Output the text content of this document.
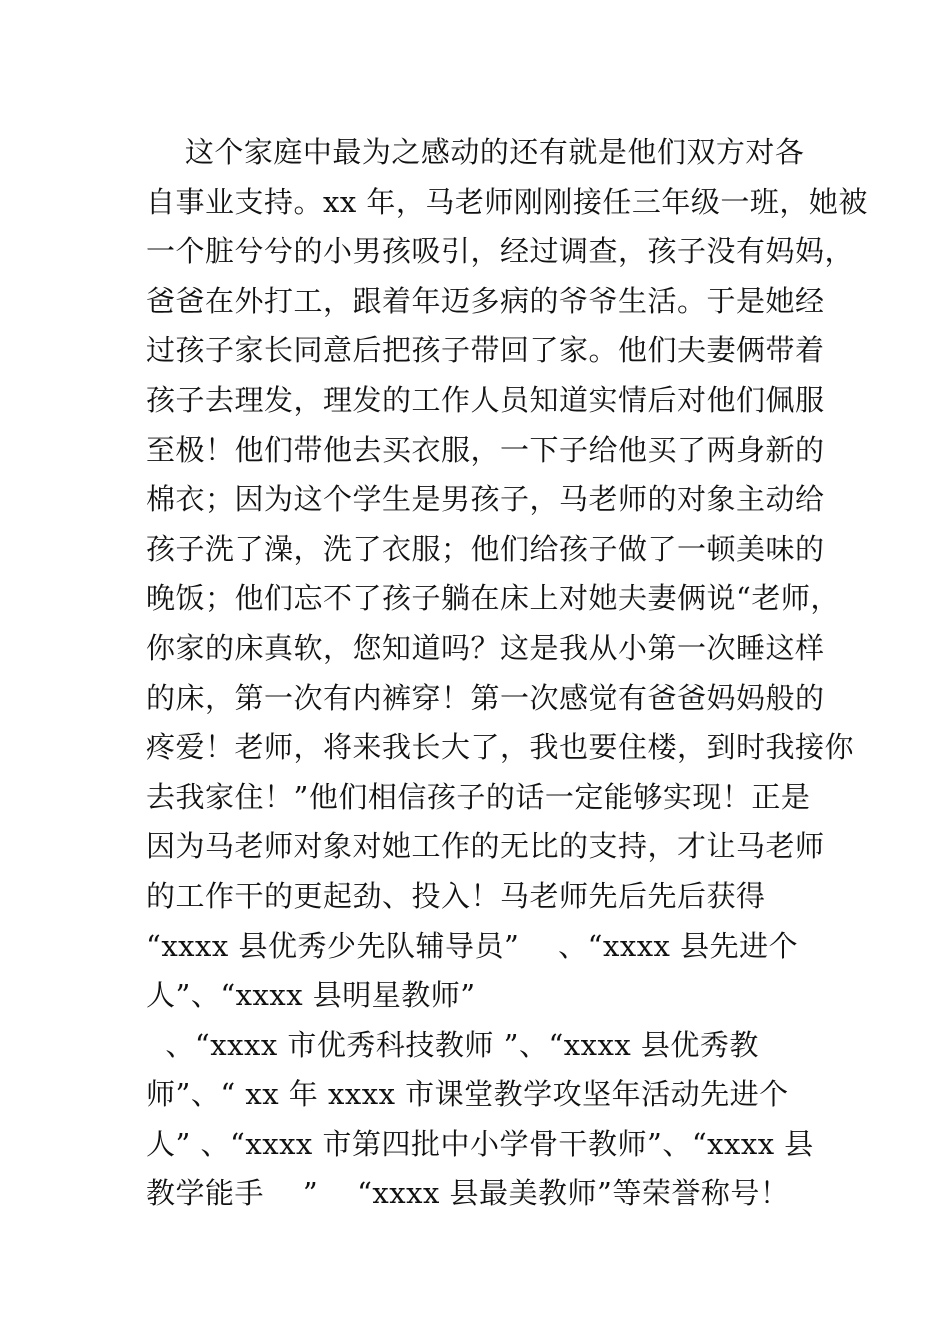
这个家庭中最为之感动的还有就是他们双方对各
自事业支持。xx 年，马老师刚刚接任三年级一班，她被
一个脏兮兮的小男孩吸引，经过调查，孩子没有妈妈，
爸爸在外打工，跟着年迈多病的爷爷生活。于是她经
过孩子家长同意后把孩子带回了家。他们夫妻俩带着
孩子去理发，理发的工作人员知道实情后对他们佩服
至极！他们带他去买衣服，一下子给他买了两身新的
棉衣；因为这个学生是男孩子，马老师的对象主动给
孩子洗了澡，洗了衣服；他们给孩子做了一顿美味的
晚饭；他们忘不了孩子躺在床上对她夫妻俩说“老师，
你家的床真软，您知道吗？这是我从小第一次睡这样
的床，第一次有内裤穿！第一次感觉有爸爸妈妈般的
疼爱！老师，将来我长大了，我也要住楼，到时我接你
去我家住！”他们相信孩子的话一定能够实现！正是
因为马老师对象对她工作的无比的支持，才让马老师
的工作干的更起劲、投入！马老师先后先后获得
“xxxx 县优秀少先队辅导员”    、“xxxx 县先进个
人”、“xxxx 县明星教师”
、“xxxx 市优秀科技教师 ”、“xxxx 县优秀教
师”、“ xx 年 xxxx 市课堂教学攻坚年活动先进个
人” 、“xxxx 市第四批中小学骨干教师”、“xxxx 县
教学能手    ”    “xxxx 县最美教师”等荣誉称号！
